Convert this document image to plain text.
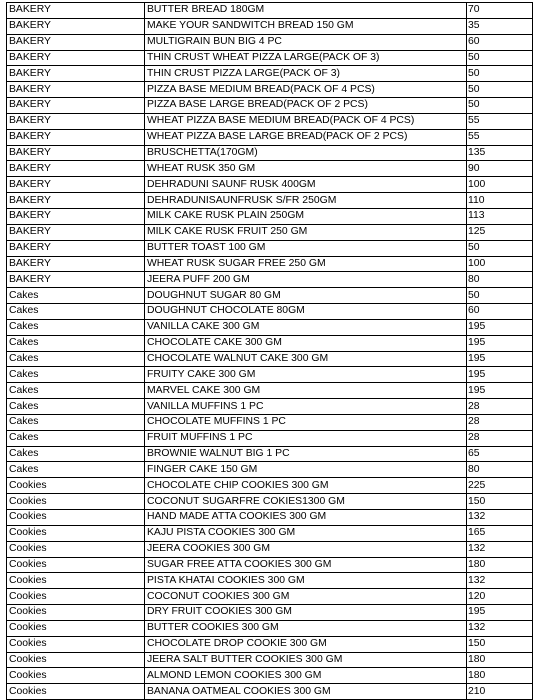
BAKERY	BUTTER BREAD 180GM	70
BAKERY	MAKE YOUR SANDWITCH BREAD 150 GM	35
BAKERY	MULTIGRAIN BUN BIG 4 PC	60
BAKERY	THIN CRUST WHEAT PIZZA LARGE(PACK OF 3)	50
BAKERY	THIN CRUST PIZZA LARGE(PACK OF 3)	50
BAKERY	PIZZA BASE MEDIUM BREAD(PACK OF 4 PCS)	50
BAKERY	PIZZA BASE LARGE BREAD(PACK OF 2 PCS)	50
BAKERY	WHEAT PIZZA BASE MEDIUM BREAD(PACK OF 4 PCS)	55
BAKERY	WHEAT PIZZA BASE LARGE BREAD(PACK OF 2 PCS)	55
BAKERY	BRUSCHETTA(170GM)	135
BAKERY	WHEAT RUSK 350 GM	90
BAKERY	DEHRADUNI SAUNF RUSK 400GM	100
BAKERY	DEHRADUNISAUNFRUSK S/FR 250GM	110
BAKERY	MILK CAKE RUSK PLAIN 250GM	113
BAKERY	MILK CAKE RUSK FRUIT 250 GM	125
BAKERY	BUTTER TOAST 100 GM	50
BAKERY	WHEAT RUSK SUGAR FREE 250 GM	100
BAKERY	JEERA PUFF 200 GM	80
Cakes	DOUGHNUT SUGAR 80 GM	50
Cakes	DOUGHNUT CHOCOLATE 80GM	60
Cakes	VANILLA CAKE 300 GM	195
Cakes	CHOCOLATE CAKE 300 GM	195
Cakes	CHOCOLATE WALNUT CAKE 300 GM	195
Cakes	FRUITY CAKE 300 GM	195
Cakes	MARVEL CAKE 300 GM	195
Cakes	VANILLA MUFFINS 1 PC	28
Cakes	CHOCOLATE MUFFINS 1 PC	28
Cakes	FRUIT MUFFINS 1 PC	28
Cakes	BROWNIE WALNUT BIG 1 PC	65
Cakes	FINGER CAKE 150 GM	80
Cookies	CHOCOLATE CHIP COOKIES 300 GM	225
Cookies	COCONUT SUGARFRE COKIES1300 GM	150
Cookies	HAND MADE ATTA COOKIES 300 GM	132
Cookies	KAJU PISTA COOKIES 300 GM	165
Cookies	JEERA COOKIES 300 GM	132
Cookies	SUGAR FREE ATTA COOKIES 300 GM	180
Cookies	PISTA KHATAI COOKIES 300 GM	132
Cookies	COCONUT COOKIES 300 GM	120
Cookies	DRY FRUIT COOKIES 300 GM	195
Cookies	BUTTER COOKIES 300 GM	132
Cookies	CHOCOLATE DROP COOKIE 300 GM	150
Cookies	JEERA SALT BUTTER COOKIES 300 GM	180
Cookies	ALMOND LEMON COOKIES 300 GM	180
Cookies	BANANA OATMEAL COOKIES 300 GM	210
